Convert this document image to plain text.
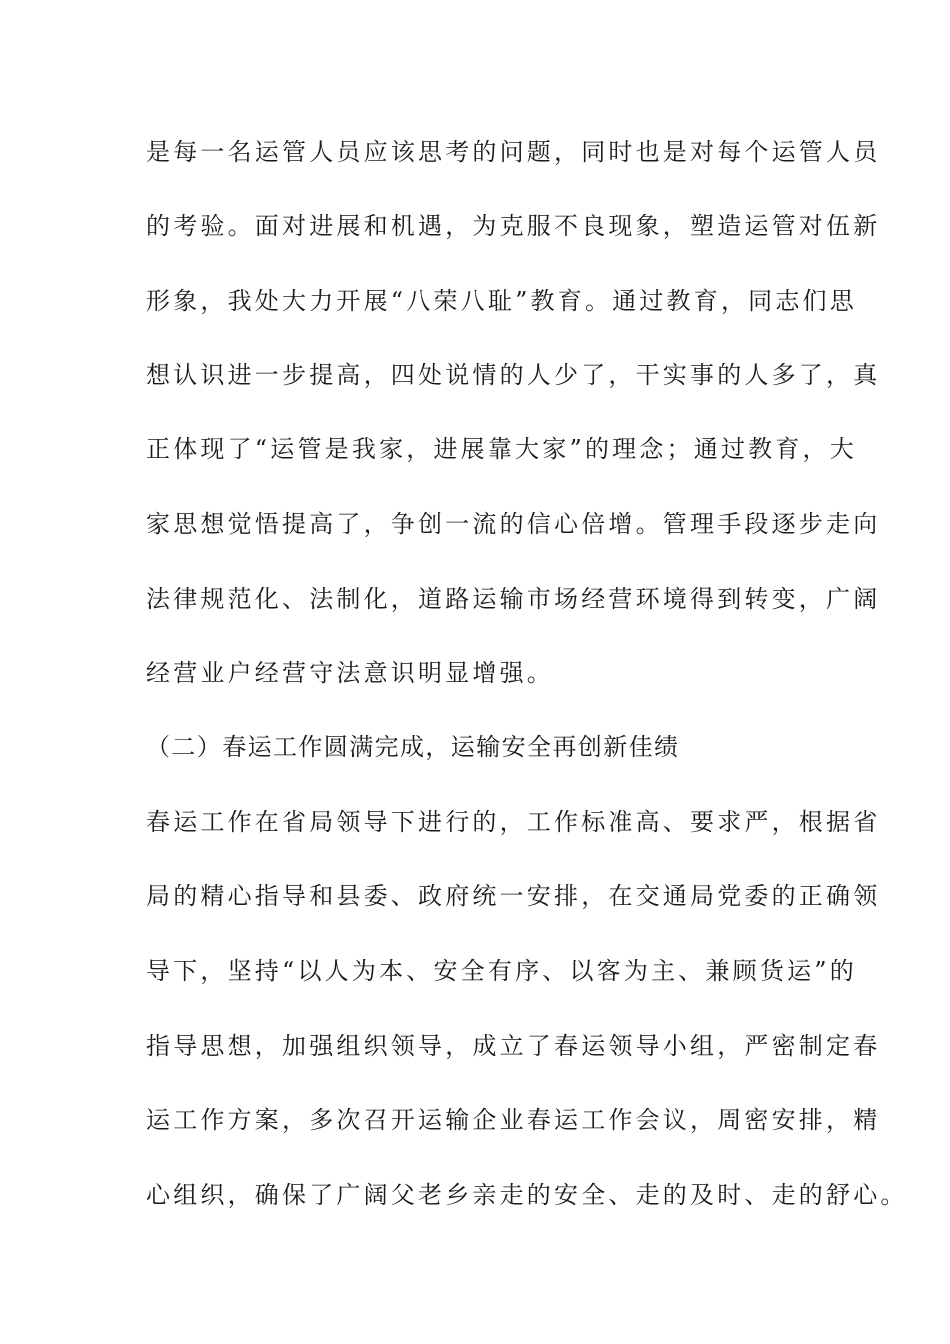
是每一名运管人员应该思考的问题，同时也是对每个运管人员
的考验。面对进展和机遇，为克服不良现象，塑造运管对伍新
形象，我处大力开展“八荣八耻”教育。通过教育，同志们思
想认识进一步提高，四处说情的人少了，干实事的人多了，真
正体现了“运管是我家，进展靠大家”的理念；通过教育，大
家思想觉悟提高了，争创一流的信心倍增。管理手段逐步走向
法律规范化、法制化，道路运输市场经营环境得到转变，广阔
经营业户经营守法意识明显增强。
（二）春运工作圆满完成，运输安全再创新佳绩
春运工作在省局领导下进行的，工作标准高、要求严，根据省
局的精心指导和县委、政府统一安排，在交通局党委的正确领
导下，坚持“以人为本、安全有序、以客为主、兼顾货运”的
指导思想，加强组织领导，成立了春运领导小组，严密制定春
运工作方案，多次召开运输企业春运工作会议，周密安排，精
心组织，确保了广阔父老乡亲走的安全、走的及时、走的舒心。
